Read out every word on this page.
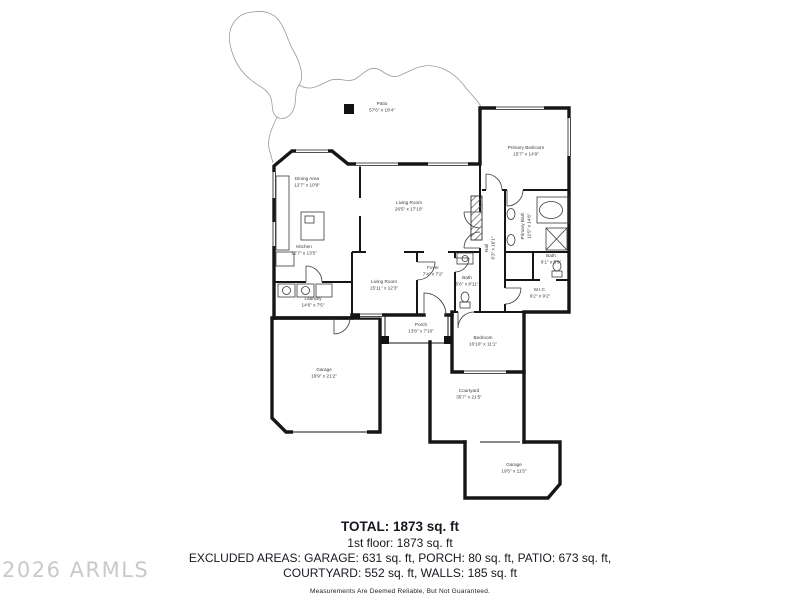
Patio
57'6" x 18'4"
Primary Bedroom
15'7" x 14'9"
Dining Area
12'7" x 10'9"
Living Room
26'5" x 17'10"
Kitchen
12'7" x 13'5"
Hall 6'3" x 16'1"
Primary Bath 11'5" x 14'6"
Bath
6'1" x 5'9"
W.I.C.
9'2" x 9'2"
Living Room
15'11" x 12'3"
Foyer
7'4" x 7'2"
Bath
5'6" x 8'11"
Laundry
14'6" x 7'5"
Porch
13'8" x 7'10"
Bedroom
10'10" x 11'1"
Garage
19'9" x 21'2"
Courtyard
35'7" x 21'5"
Garage
19'5" x 11'5"
TOTAL: 1873 sq. ft
1st floor: 1873 sq. ft
EXCLUDED AREAS: GARAGE: 631 sq. ft, PORCH: 80 sq. ft, PATIO: 673 sq. ft,
COURTYARD: 552 sq. ft, WALLS: 185 sq. ft
Measurements Are Deemed Reliable, But Not Guaranteed.
2026 ARMLS
